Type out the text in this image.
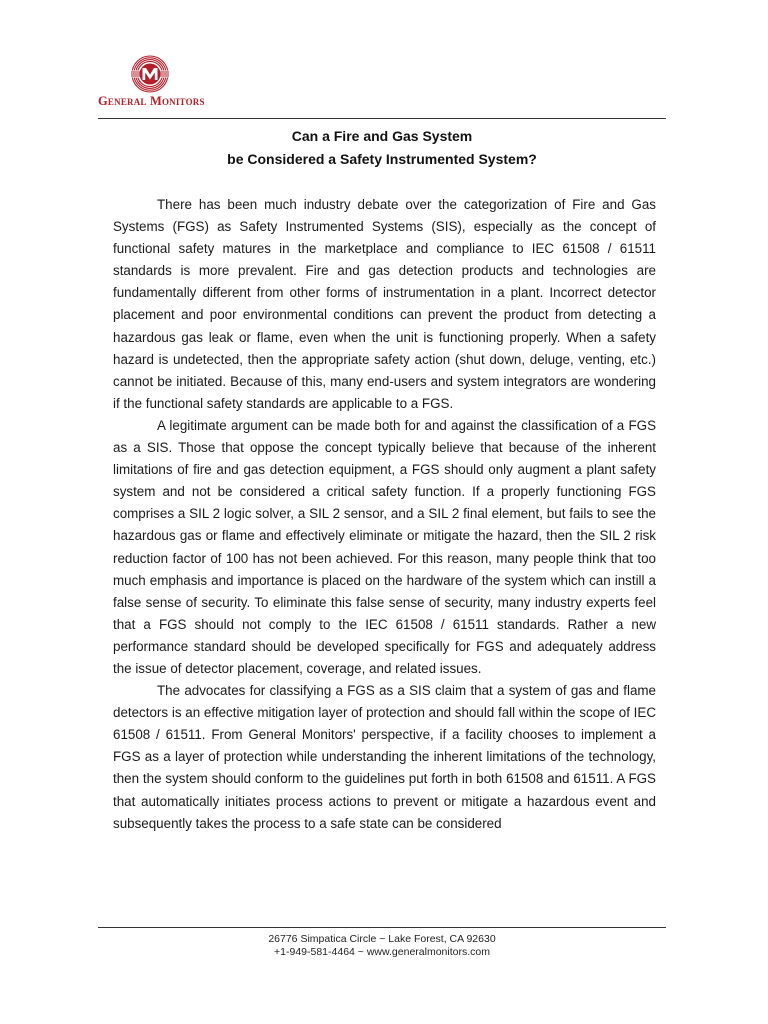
General Monitors
Can a Fire and Gas System
be Considered a Safety Instrumented System?

There has been much industry debate over the categorization of Fire and Gas Systems (FGS) as Safety Instrumented Systems (SIS), especially as the concept of functional safety matures in the marketplace and compliance to IEC 61508 / 61511 standards is more prevalent. Fire and gas detection products and technologies are fundamentally different from other forms of instrumentation in a plant. Incorrect detector placement and poor environmental conditions can prevent the product from detecting a hazardous gas leak or flame, even when the unit is functioning properly. When a safety hazard is undetected, then the appropriate safety action (shut down, deluge, venting, etc.) cannot be initiated. Because of this, many end-users and system integrators are wondering if the functional safety standards are applicable to a FGS.

A legitimate argument can be made both for and against the classification of a FGS as a SIS. Those that oppose the concept typically believe that because of the inherent limitations of fire and gas detection equipment, a FGS should only augment a plant safety system and not be considered a critical safety function. If a properly functioning FGS comprises a SIL 2 logic solver, a SIL 2 sensor, and a SIL 2 final element, but fails to see the hazardous gas or flame and effectively eliminate or mitigate the hazard, then the SIL 2 risk reduction factor of 100 has not been achieved. For this reason, many people think that too much emphasis and importance is placed on the hardware of the system which can instill a false sense of security. To eliminate this false sense of security, many industry experts feel that a FGS should not comply to the IEC 61508 / 61511 standards. Rather a new performance standard should be developed specifically for FGS and adequately address the issue of detector placement, coverage, and related issues.

The advocates for classifying a FGS as a SIS claim that a system of gas and flame detectors is an effective mitigation layer of protection and should fall within the scope of IEC 61508 / 61511. From General Monitors' perspective, if a facility chooses to implement a FGS as a layer of protection while understanding the inherent limitations of the technology, then the system should conform to the guidelines put forth in both 61508 and 61511. A FGS that automatically initiates process actions to prevent or mitigate a hazardous event and subsequently takes the process to a safe state can be considered

26776 Simpatica Circle ~ Lake Forest, CA 92630
+1-949-581-4464 ~ www.generalmonitors.com
